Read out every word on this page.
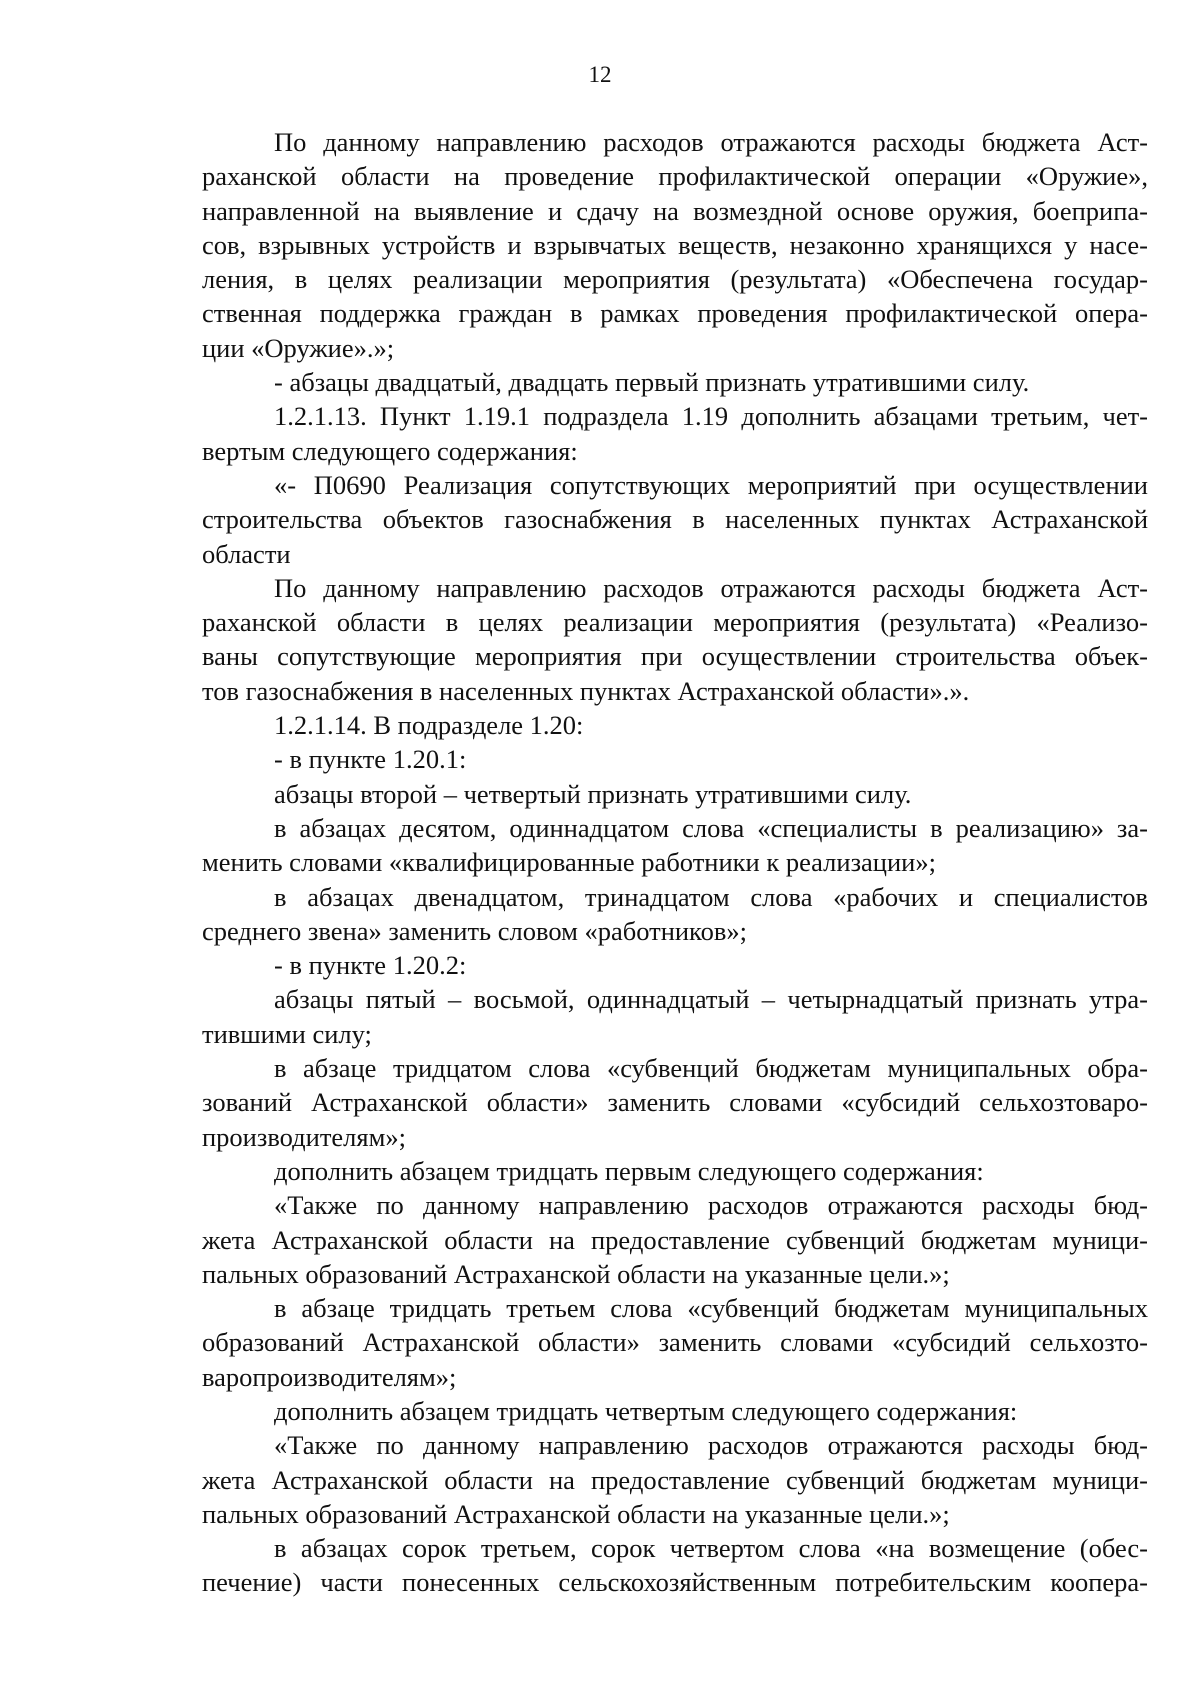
12
По данному направлению расходов отражаются расходы бюджета Аст-
раханской области на проведение профилактической операции «Оружие»,
направленной на выявление и сдачу на возмездной основе оружия, боеприпа-
сов, взрывных устройств и взрывчатых веществ, незаконно хранящихся у насе-
ления, в целях реализации мероприятия (результата) «Обеспечена государ-
ственная поддержка граждан в рамках проведения профилактической опера-
ции «Оружие».»;
- абзацы двадцатый, двадцать первый признать утратившими силу.
1.2.1.13. Пункт 1.19.1 подраздела 1.19 дополнить абзацами третьим, чет-
вертым следующего содержания:
«- П0690 Реализация сопутствующих мероприятий при осуществлении
строительства объектов газоснабжения в населенных пунктах Астраханской
области
По данному направлению расходов отражаются расходы бюджета Аст-
раханской области в целях реализации мероприятия (результата) «Реализо-
ваны сопутствующие мероприятия при осуществлении строительства объек-
тов газоснабжения в населенных пунктах Астраханской области».».
1.2.1.14. В подразделе 1.20:
- в пункте 1.20.1:
абзацы второй – четвертый признать утратившими силу.
в абзацах десятом, одиннадцатом слова «специалисты в реализацию» за-
менить словами «квалифицированные работники к реализации»;
в абзацах двенадцатом, тринадцатом слова «рабочих и специалистов
среднего звена» заменить словом «работников»;
- в пункте 1.20.2:
абзацы пятый – восьмой, одиннадцатый – четырнадцатый признать утра-
тившими силу;
в абзаце тридцатом слова «субвенций бюджетам муниципальных обра-
зований Астраханской области» заменить словами «субсидий сельхозтоваро-
производителям»;
дополнить абзацем тридцать первым следующего содержания:
«Также по данному направлению расходов отражаются расходы бюд-
жета Астраханской области на предоставление субвенций бюджетам муници-
пальных образований Астраханской области на указанные цели.»;
в абзаце тридцать третьем слова «субвенций бюджетам муниципальных
образований Астраханской области» заменить словами «субсидий сельхозто-
варопроизводителям»;
дополнить абзацем тридцать четвертым следующего содержания:
«Также по данному направлению расходов отражаются расходы бюд-
жета Астраханской области на предоставление субвенций бюджетам муници-
пальных образований Астраханской области на указанные цели.»;
в абзацах сорок третьем, сорок четвертом слова «на возмещение (обес-
печение) части понесенных сельскохозяйственным потребительским коопера-
